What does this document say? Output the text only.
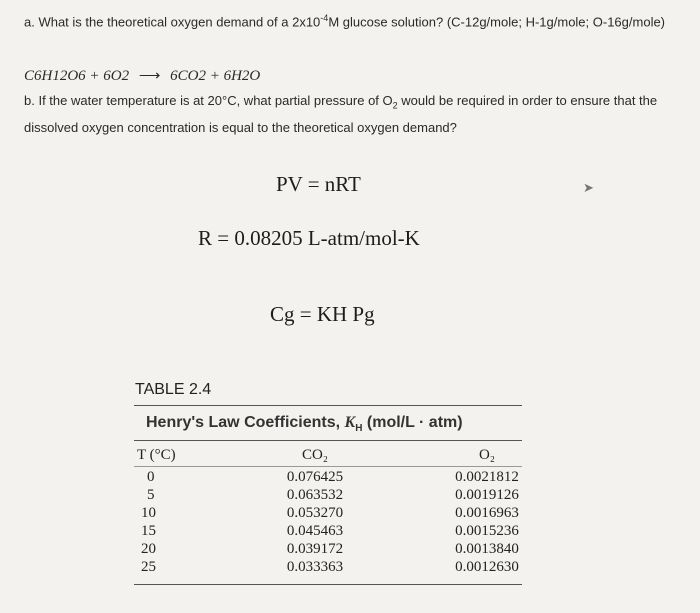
a. What is the theoretical oxygen demand of a $2x10^{-4}M$ glucose solution? (C-12g/mole; H-1g/mole; O-16g/mole)
C6H12O6 + 6O2 ⟶ 6CO2 + 6H2O
b. If the water temperature is at 20°C, what partial pressure of $O_2$ would be required in order to ensure that the dissolved oxygen concentration is equal to the theoretical oxygen demand?
PV = nRT	➤
R = 0.08205 L-atm/mol-K
Cg = KH Pg
TABLE 2.4
Henry's Law Coefficients, $K_H$ (mol/L · atm)
T (°C)
0
5
10
15
20
25
CO₂
0.076425
0.063532
0.053270
0.045463
0.039172
0.033363
O₂
0.0021812
0.0019126
0.0016963
0.0015236
0.0013840
0.0012630
